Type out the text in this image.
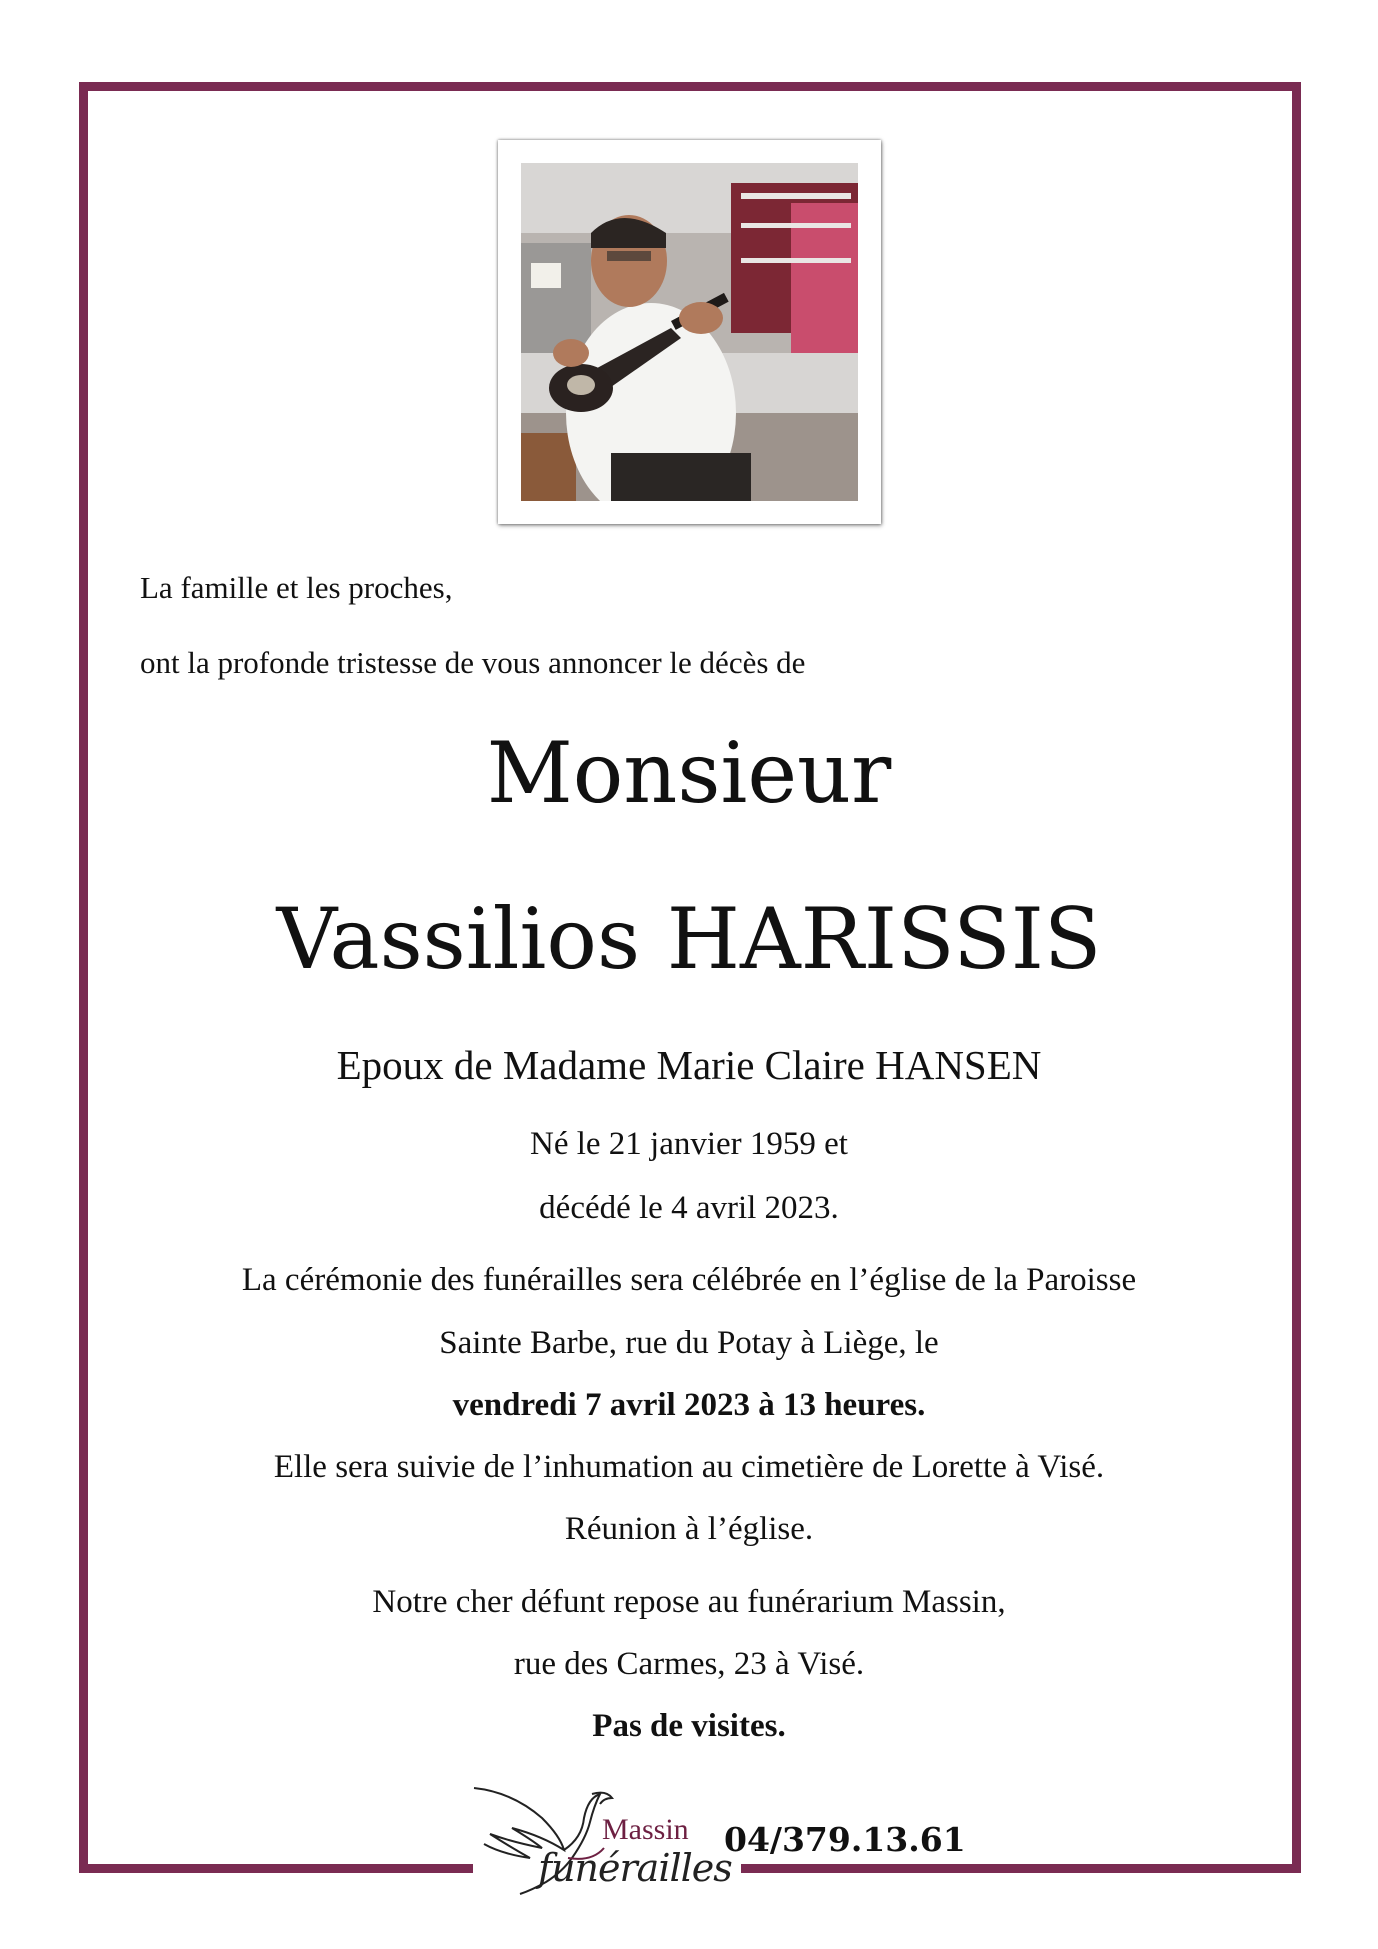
La famille et les proches,
ont la profonde tristesse de vous annoncer le décès de
Monsieur
Vassilios HARISSIS
Epoux de Madame Marie Claire HANSEN
Né le 21 janvier 1959 et
décédé le 4 avril 2023.
La cérémonie des funérailles sera célébrée en l’église de la Paroisse
Sainte Barbe, rue du Potay à Liège, le
vendredi 7 avril 2023 à 13 heures.
Elle sera suivie de l’inhumation au cimetière de Lorette à Visé.
Réunion à l’église.
Notre cher défunt repose au funérarium Massin,
rue des Carmes, 23 à Visé.
Pas de visites.
Massin
funérailles
04/379.13.61
